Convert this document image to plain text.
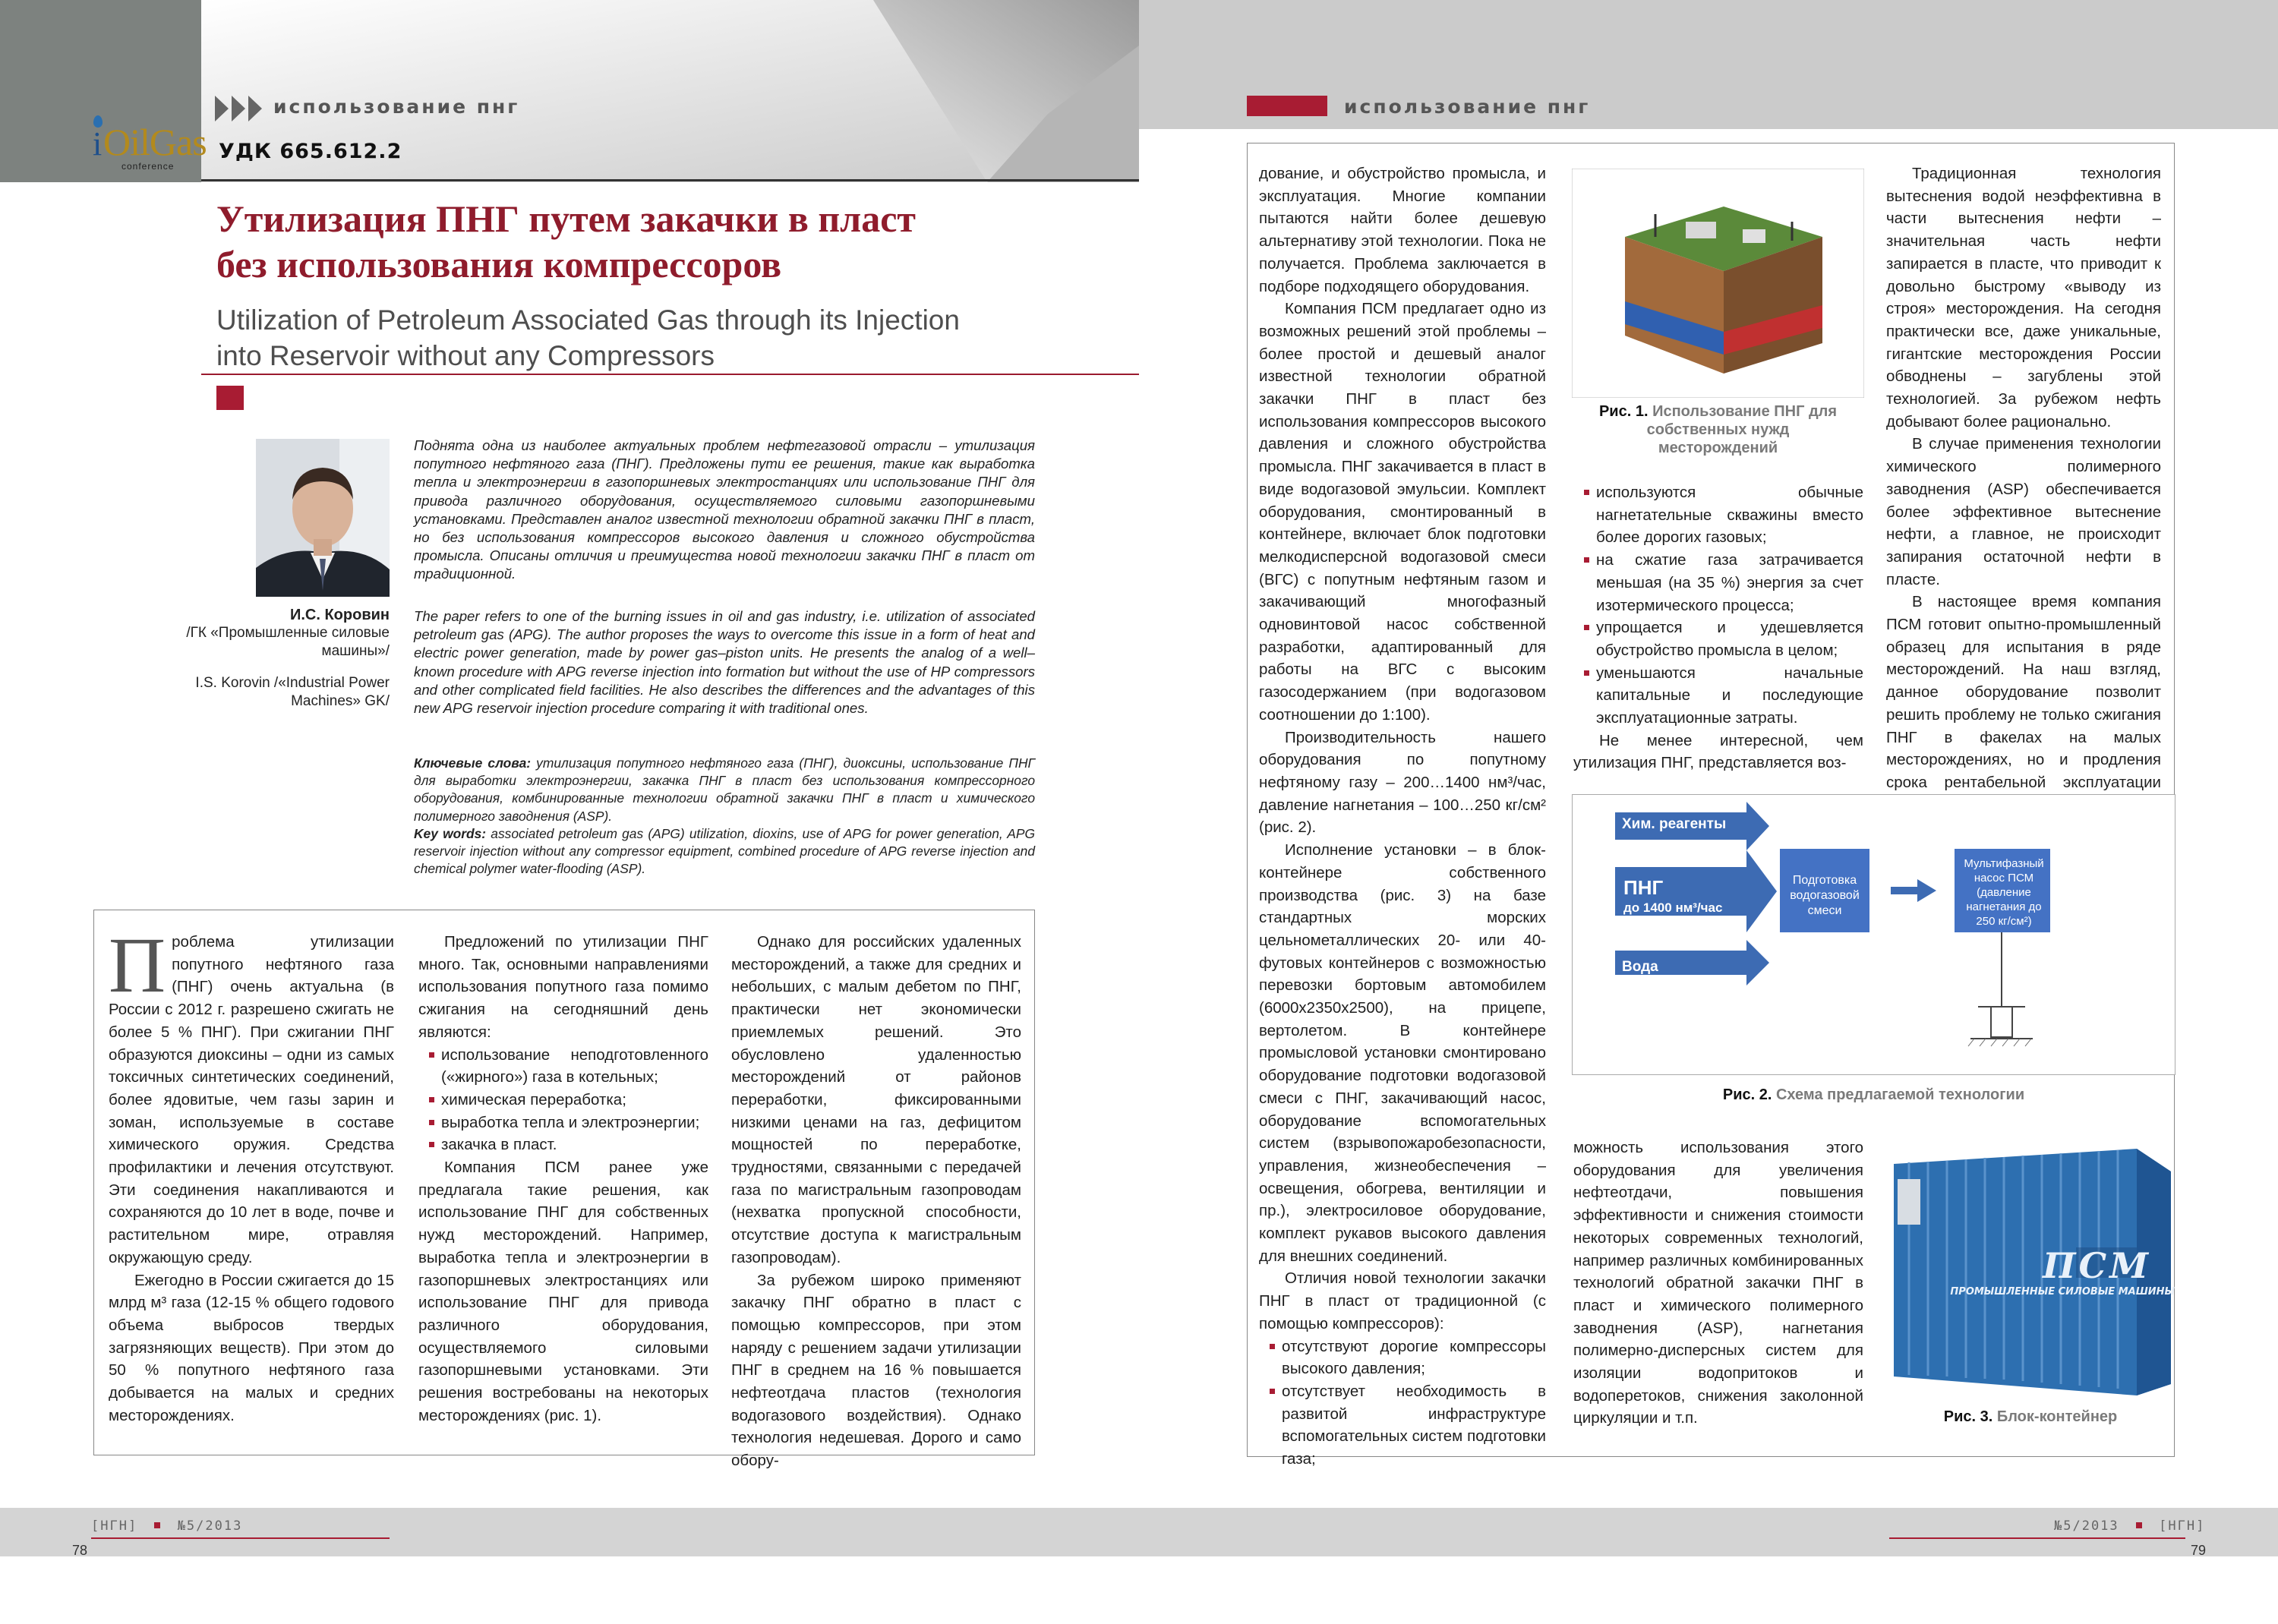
использование пнг
i OilGas
conference
УДК 665.612.2
Утилизация ПНГ путем закачки в пласт
без использования компрессоров
Utilization of Petroleum Associated Gas through its Injection
into Reservoir without any Compressors
И.С. Коровин
/ГК «Промышленные силовые
машины»/
I.S. Korovin /«Industrial Power
Machines» GK/
Поднята одна из наиболее актуальных проблем нефтегазовой отрасли – утилизация попутного нефтяного газа (ПНГ). Предложены пути ее решения, такие как выработка тепла и электроэнергии в газопоршневых электростанциях или использование ПНГ для привода различного оборудования, осуществляемого силовыми газопоршневыми установками. Представлен аналог известной технологии обратной закачки ПНГ в пласт, но без использования компрессоров высокого давления и сложного обустройства промысла. Описаны отличия и преимущества новой технологии закачки ПНГ в пласт от традиционной.
The paper refers to one of the burning issues in oil and gas industry, i.e. utilization of associated petroleum gas (APG). The author proposes the ways to overcome this issue in a form of heat and electric power generation, made by power gas–piston units. He presents the analog of a well–known procedure with APG reverse injection into formation but without the use of HP compressors and other complicated field facilities. He also describes the differences and the advantages of this new APG reservoir injection procedure comparing it with traditional ones.
Ключевые слова: утилизация попутного нефтяного газа (ПНГ), диоксины, использование ПНГ для выработки электроэнергии, закачка ПНГ в пласт без использования компрессорного оборудования, комбинированные технологии обратной закачки ПНГ в пласт и химического полимерного заводнения (ASP).
Key words: associated petroleum gas (APG) utilization, dioxins, use of APG for power generation, APG reservoir injection without any compressor equipment, combined procedure of APG reverse injection and chemical polymer water-flooding (ASP).
П роблема утилизации попутного нефтяного газа (ПНГ) очень актуальна (в России с 2012 г. разрешено сжигать не более 5 % ПНГ). При сжигании ПНГ образуются диоксины – одни из самых токсичных синтетических соединений, более ядовитые, чем газы зарин и зоман, используемые в составе химического оружия. Средства профилактики и лечения отсутствуют. Эти соединения накапливаются и сохраняются до 10 лет в воде, почве и растительном мире, отравляя окружающую среду.

Ежегодно в России сжигается до 15 млрд м³ газа (12-15 % общего годового объема выбросов твердых загрязняющих веществ). При этом до 50 % попутного нефтяного газа добывается на малых и средних месторождениях.

Предложений по утилизации ПНГ много. Так, основными направлениями использования попутного газа помимо сжигания на сегодняшний день являются:

использование неподготовленного («жирного») газа в котельных;
химическая переработка;
выработка тепла и электроэнергии;
закачка в пласт.

Компания ПСМ ранее уже предлагала такие решения, как использование ПНГ для собственных нужд месторождений. Например, выработка тепла и электроэнергии в газопоршневых электростанциях или использование ПНГ для привода различного оборудования, осуществляемого силовыми газопоршневыми установками. Эти решения востребованы на некоторых месторождениях (рис. 1).

Однако для российских удаленных месторождений, а также для средних и небольших, с малым дебетом по ПНГ, практически нет экономически приемлемых решений. Это обусловлено удаленностью месторождений от районов переработки, фиксированными низкими ценами на газ, дефицитом мощностей по переработке, трудностями, связанными с передачей газа по магистральным газопроводам (нехватка пропускной способности, отсутствие доступа к магистральным газопроводам).

За рубежом широко применяют закачку ПНГ обратно в пласт с помощью компрессоров, при этом наряду с решением задачи утилизации ПНГ в среднем на 16 % повышается нефтеотдача пластов (технология водогазового воздействия). Однако технология недешевая. Дорого и само обору-

[НГН]	№5/2013
78
использование пнг

дование, и обустройство промысла, и эксплуатация. Многие компании пытаются найти более дешевую альтернативу этой технологии. Пока не получается. Проблема заключается в подборе подходящего оборудования.

Компания ПСМ предлагает одно из возможных решений этой проблемы – более простой и дешевый аналог известной технологии обратной закачки ПНГ в пласт без использования компрессоров высокого давления и сложного обустройства промысла. ПНГ закачивается в пласт в виде водогазовой эмульсии. Комплект оборудования, смонтированный в контейнере, включает блок подготовки мелкодисперсной водогазовой смеси (ВГС) с попутным нефтяным газом и закачивающий многофазный одновинтовой насос собственной разработки, адаптированный для работы на ВГС с высоким газосодержанием (при водогазовом соотношении до 1:100).

Производительность нашего оборудования по попутному нефтяному газу – 200…1400 нм³/час, давление нагнетания – 100…250 кг/см² (рис. 2).

Исполнение установки – в блок-контейнере собственного производства (рис. 3) на базе стандартных морских цельнометаллических 20- или 40-футовых контейнеров с возможностью перевозки бортовым автомобилем (6000х2350х2500), на прицепе, вертолетом. В контейнере промысловой установки смонтировано оборудование подготовки водогазовой смеси с ПНГ, закачивающий насос, оборудование вспомогательных систем (взрывопожаробезопасности, управления, жизнеобеспечения – освещения, обогрева, вентиляции и пр.), электросиловое оборудование, комплект рукавов высокого давления для внешних соединений.

Отличия новой технологии закачки ПНГ в пласт от традиционной (с помощью компрессоров):

отсутствуют дорогие компрессоры высокого давления;
отсутствует необходимость в развитой инфраструктуре вспомогательных систем подготовки газа;
Рис. 1. Использование ПНГ для собственных нужд месторождений
используются обычные нагнетательные скважины вместо более дорогих газовых;
на сжатие газа затрачивается меньшая (на 35 %) энергия за счет изотермического процесса;
упрощается и удешевляется обустройство промысла в целом;
уменьшаются начальные капитальные и последующие эксплуатационные затраты.

Не менее интересной, чем утилизация ПНГ, представляется воз-

Традиционная технология вытеснения водой неэффективна в части вытеснения нефти – значительная часть нефти запирается в пласте, что приводит к довольно быстрому «выводу из строя» месторождения. На сегодня практически все, даже уникальные, гигантские месторождения России обводнены – загублены этой технологией. За рубежом нефть добывают более рационально.

В случае применения технологии химического полимерного заводнения (ASP) обеспечивается более эффективное вытеснение нефти, а главное, не происходит запирания остаточной нефти в пласте.

В настоящее время компания ПСМ готовит опытно-промышленный образец для испытания в ряде месторождений. На наш взгляд, данное оборудование позволит решить проблему не только сжигания ПНГ в факелах на малых месторождениях, но и продления срока рентабельной эксплуатации

Хим. реагенты
ПНГ
до 1400 нм³/час
Вода
Подготовка водогазовой смеси
Мультифазный насос ПСМ (давление нагнетания до 250 кг/см²)
Рис. 2. Схема предлагаемой технологии

можность использования этого оборудования для увеличения нефтеотдачи, повышения эффективности и снижения стоимости некоторых современных технологий, например различных комбинированных технологий обратной закачки ПНГ в пласт и химического полимерного заводнения (ASP), нагнетания полимерно-дисперсных систем для изоляции водопритоков и водоперетоков, снижения заколонной циркуляции и т.п.

ПСМ
ПРОМЫШЛЕННЫЕ СИЛОВЫЕ МАШИНЫ
Рис. 3. Блок-контейнер
№5/2013	[НГН]
79
